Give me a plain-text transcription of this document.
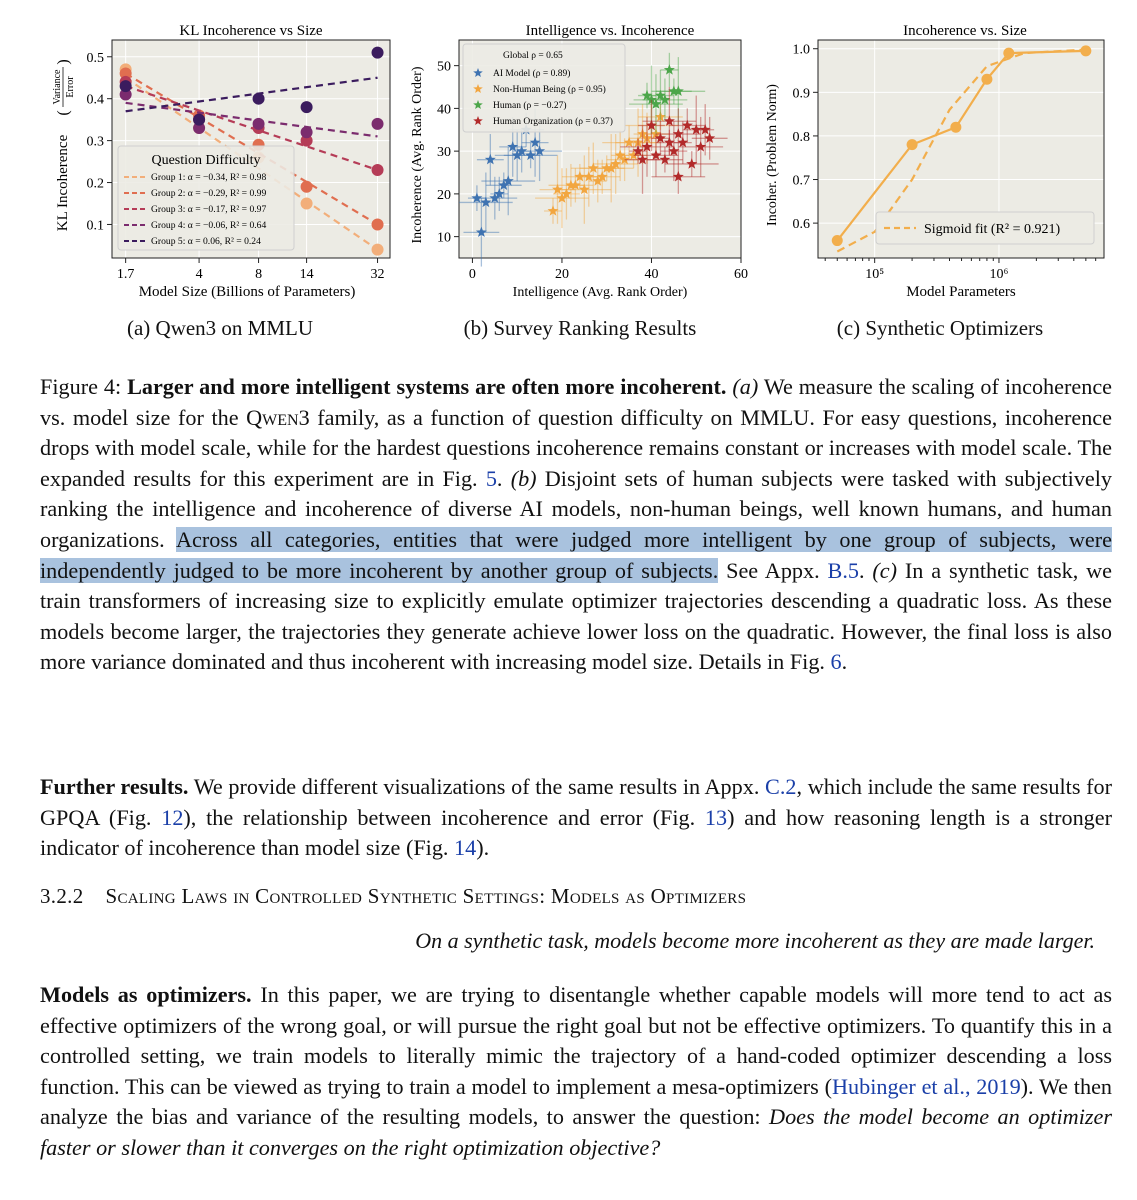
0.1
0.2
0.3
0.4
0.5
1.7	4	8	14	32
KL Incoherence vs Size
Model Size (Billions of Parameters)
KL Incoherence
Variance Error
(
)
Question Difficulty
Group 1: α = −0.34, R² = 0.98
Group 2: α = −0.29, R² = 0.99
Group 3: α = −0.17, R² = 0.97
Group 4: α = −0.06, R² = 0.64
Group 5: α = 0.06, R² = 0.24	10
20
30
40
50
0	20	40	60
Intelligence vs. Incoherence
Intelligence (Avg. Rank Order)
Incoherence (Avg. Rank Order)
Global ρ = 0.65
AI Model (ρ = 0.89)
Non-Human Being (ρ = 0.95)
Human (ρ = −0.27)
Human Organization (ρ = 0.37)
0.6
0.7
0.8
0.9
1.0
10⁵	10⁶
Incoherence vs. Size
Model Parameters
Incoher. (Problem Norm)
Sigmoid fit (R² = 0.921)
(a) Qwen3 on MMLU	(b) Survey Ranking Results	(c) Synthetic Optimizers
Figure 4: Larger and more intelligent systems are often more incoherent. (a) We measure the scaling of incoherence vs. model size for the Qwen3 family, as a function of question difficulty on MMLU. For easy questions, incoherence drops with model scale, while for the hardest questions incoherence remains constant or increases with model scale. The expanded results for this experiment are in Fig. 5. (b) Disjoint sets of human subjects were tasked with subjectively ranking the intelligence and incoherence of diverse AI models, non-human beings, well known humans, and human organizations. Across all categories, entities that were judged more intelligent by one group of subjects, were independently judged to be more incoherent by another group of subjects. See Appx. B.5. (c) In a synthetic task, we train transformers of increasing size to explicitly emulate optimizer trajectories descending a quadratic loss. As these models become larger, the trajectories they generate achieve lower loss on the quadratic. However, the final loss is also more variance dominated and thus incoherent with increasing model size. Details in Fig. 6.
Further results. We provide different visualizations of the same results in Appx. C.2, which include the same results for GPQA (Fig. 12), the relationship between incoherence and error (Fig. 13) and how reasoning length is a stronger indicator of incoherence than model size (Fig. 14).
3.2.2 Scaling Laws in Controlled Synthetic Settings: Models as Optimizers
On a synthetic task, models become more incoherent as they are made larger.
Models as optimizers. In this paper, we are trying to disentangle whether capable models will more tend to act as effective optimizers of the wrong goal, or will pursue the right goal but not be effective optimizers. To quantify this in a controlled setting, we train models to literally mimic the trajectory of a hand-coded optimizer descending a loss function. This can be viewed as trying to train a model to implement a mesa-optimizers (Hubinger et al., 2019). We then analyze the bias and variance of the resulting models, to answer the question: Does the model become an optimizer faster or slower than it converges on the right optimization objective?
